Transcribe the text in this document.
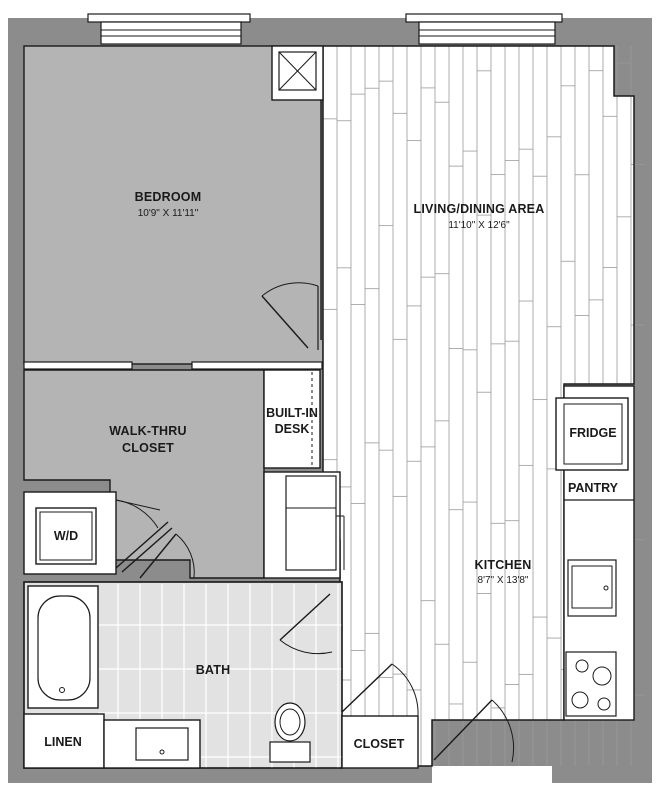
BEDROOM
10'9" X 11'11"	LIVING/DINING AREA
11'10" X 12'6"
WALK-THRU
CLOSET
KITCHEN
8'7" X 13'8"
BATH
BUILT-IN
DESK
W/D
FRIDGE
PANTRY
LINEN	CLOSET
